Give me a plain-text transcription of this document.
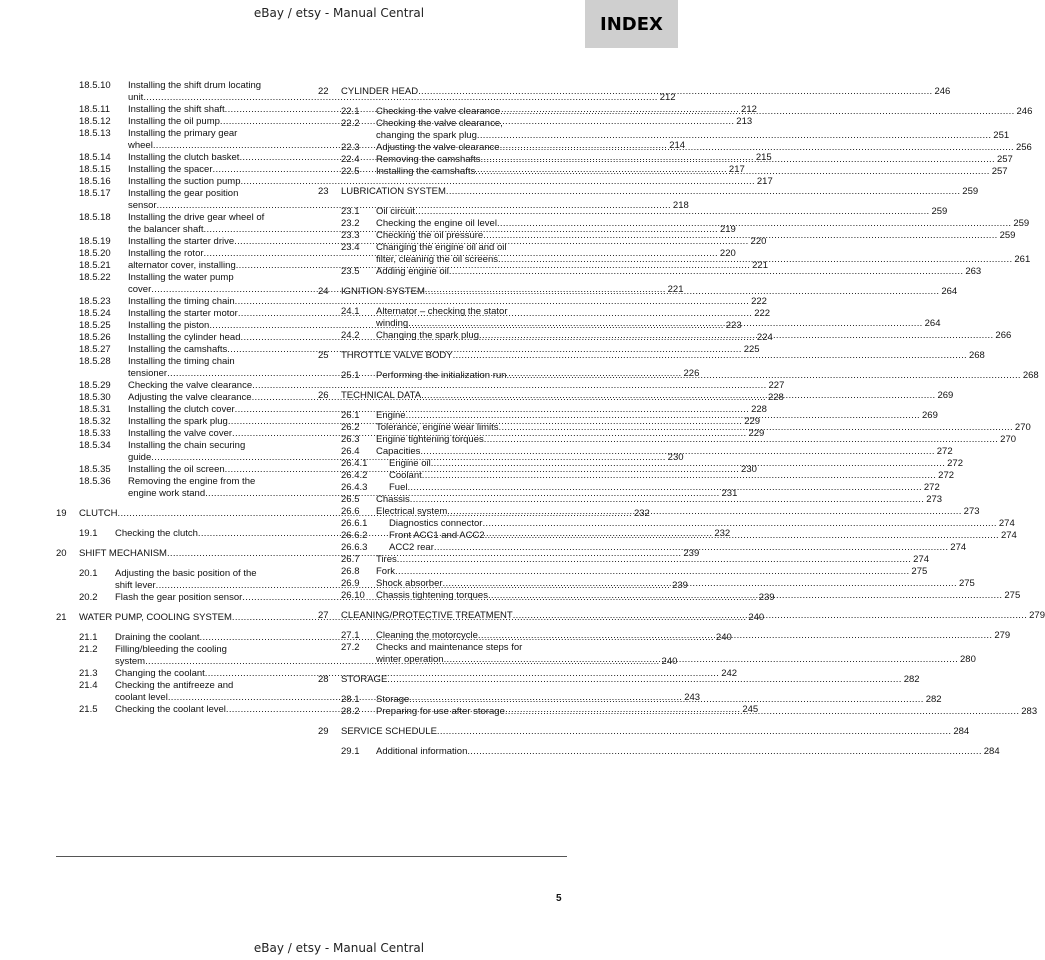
eBay / etsy - Manual Central
INDEX
18.5.10	Installing the shift drum locating
unit .....	212
18.5.11	Installing the shift shaft .....	212
18.5.12	Installing the oil pump .....	213
18.5.13	Installing the primary gear
wheel .....	214
18.5.14	Installing the clutch basket .....	215
18.5.15	Installing the spacer .....	217
18.5.16	Installing the suction pump .....	217
18.5.17	Installing the gear position
sensor .....	218
18.5.18	Installing the drive gear wheel of
the balancer shaft .....	219
18.5.19	Installing the starter drive .....	220
18.5.20	Installing the rotor .....	220
18.5.21	alternator cover, installing .....	221
18.5.22	Installing the water pump
cover .....	221
18.5.23	Installing the timing chain .....	222
18.5.24	Installing the starter motor .....	222
18.5.25	Installing the piston .....	223
18.5.26	Installing the cylinder head .....	224
18.5.27	Installing the camshafts .....	225
18.5.28	Installing the timing chain
tensioner .....	226
18.5.29	Checking the valve clearance .....	227
18.5.30	Adjusting the valve clearance .....	228
18.5.31	Installing the clutch cover .....	228
18.5.32	Installing the spark plug .....	229
18.5.33	Installing the valve cover .....	229
18.5.34	Installing the chain securing
guide .....	230
18.5.35	Installing the oil screen .....	230
18.5.36	Removing the engine from the
engine work stand .....	231
19	CLUTCH .....	232
19.1	Checking the clutch .....	232
20	SHIFT MECHANISM .....	239
20.1	Adjusting the basic position of the
shift lever .....	239
20.2	Flash the gear position sensor .....	239
21	WATER PUMP, COOLING SYSTEM .....	240
21.1	Draining the coolant .....	240
21.2	Filling/bleeding the cooling
system .....	240
21.3	Changing the coolant .....	242
21.4	Checking the antifreeze and
coolant level .....	243
21.5	Checking the coolant level .....	245
22	CYLINDER HEAD .....	246
22.1	Checking the valve clearance .....	246
22.2	Checking the valve clearance,
changing the spark plug .....	251
22.3	Adjusting the valve clearance .....	256
22.4	Removing the camshafts .....	257
22.5	Installing the camshafts .....	257
23	LUBRICATION SYSTEM .....	259
23.1	Oil circuit .....	259
23.2	Checking the engine oil level .....	259
23.3	Checking the oil pressure .....	259
23.4	Changing the engine oil and oil
filter, cleaning the oil screens .....	261
23.5	Adding engine oil .....	263
24	IGNITION SYSTEM .....	264
24.1	Alternator – checking the stator
winding .....	264
24.2	Changing the spark plug .....	266
25	THROTTLE VALVE BODY .....	268
25.1	Performing the initialization run .....	268
26	TECHNICAL DATA .....	269
26.1	Engine .....	269
26.2	Tolerance, engine wear limits .....	270
26.3	Engine tightening torques .....	270
26.4	Capacities .....	272
26.4.1	Engine oil .....	272
26.4.2	Coolant .....	272
26.4.3	Fuel .....	272
26.5	Chassis .....	273
26.6	Electrical system .....	273
26.6.1	Diagnostics connector .....	274
26.6.2	Front ACC1 and ACC2 .....	274
26.6.3	ACC2 rear .....	274
26.7	Tires .....	274
26.8	Fork .....	275
26.9	Shock absorber .....	275
26.10	Chassis tightening torques .....	275
27	CLEANING/PROTECTIVE TREATMENT .....	279
27.1	Cleaning the motorcycle .....	279
27.2	Checks and maintenance steps for
winter operation .....	280
28	STORAGE .....	282
28.1	Storage .....	282
28.2	Preparing for use after storage .....	283
29	SERVICE SCHEDULE .....	284
29.1	Additional information .....	284
5
eBay / etsy - Manual Central
